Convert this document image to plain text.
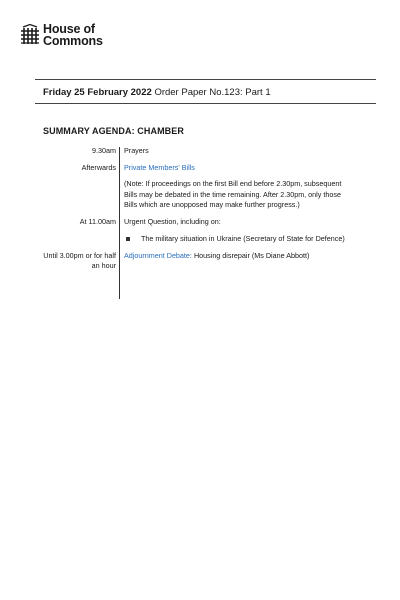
House of
Commons
Friday 25 February 2022 Order Paper No.123: Part 1
SUMMARY AGENDA: CHAMBER
9.30am Prayers
Afterwards Private Members' Bills
(Note: If proceedings on the first Bill end before 2.30pm, subsequent Bills may be debated in the time remaining. After 2.30pm, only those Bills which are unopposed may make further progress.)
At 11.00am Urgent Question, including on:
The military situation in Ukraine (Secretary of State for Defence)
Until 3.00pm or for half an hour
Adjournment Debate: Housing disrepair (Ms Diane Abbott)
